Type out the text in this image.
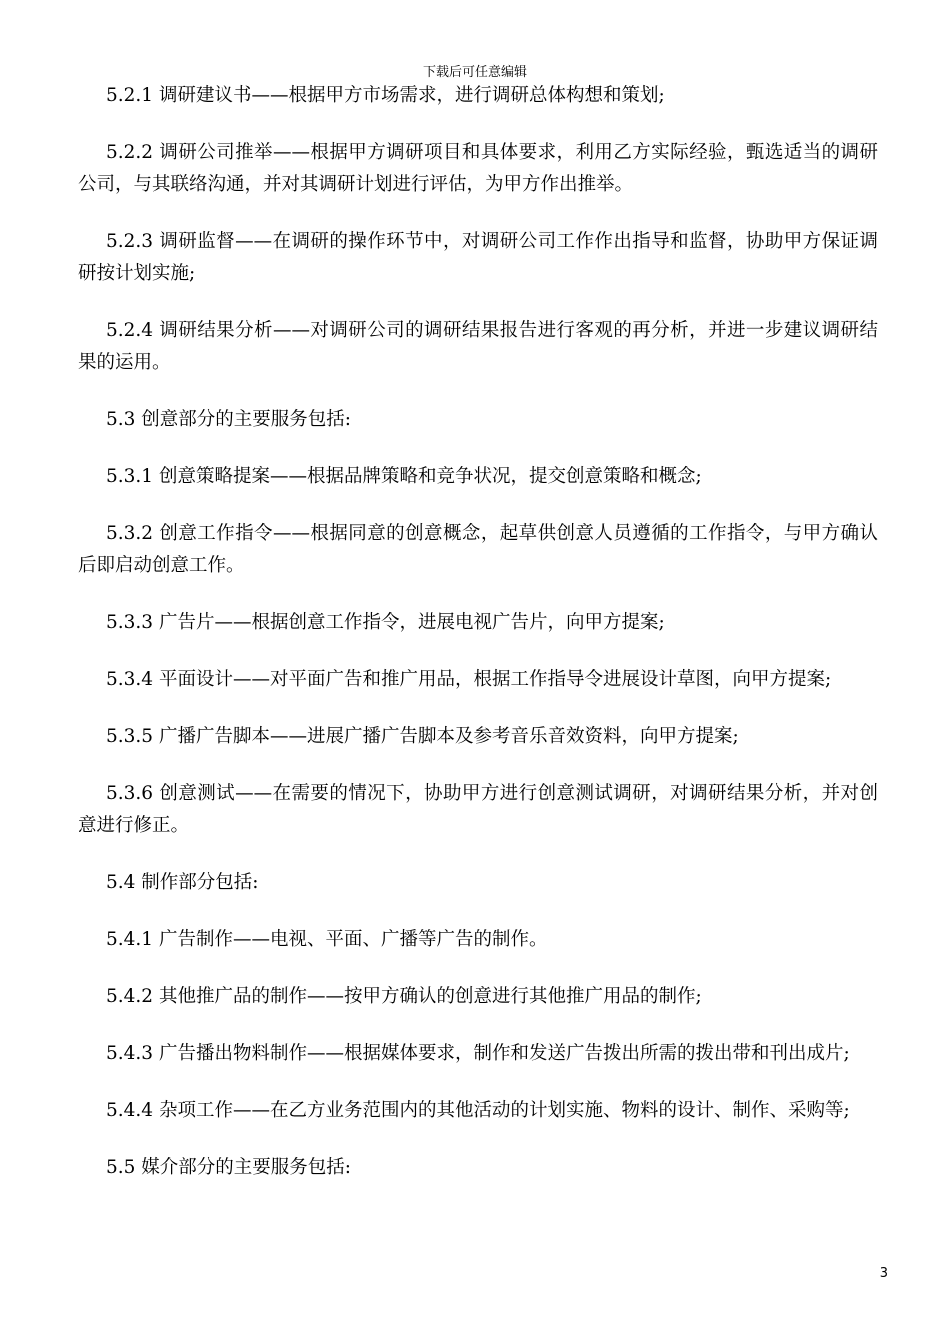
下载后可任意编辑

5.2.1 调研建议书——根据甲方市场需求，进行调研总体构想和策划;

5.2.2 调研公司推举——根据甲方调研项目和具体要求，利用乙方实际经验，甄选适当的调研公司，与其联络沟通，并对其调研计划进行评估，为甲方作出推举。

5.2.3 调研监督——在调研的操作环节中，对调研公司工作作出指导和监督，协助甲方保证调研按计划实施;

5.2.4 调研结果分析——对调研公司的调研结果报告进行客观的再分析，并进一步建议调研结果的运用。

5.3 创意部分的主要服务包括:

5.3.1 创意策略提案——根据品牌策略和竞争状况，提交创意策略和概念;

5.3.2 创意工作指令——根据同意的创意概念，起草供创意人员遵循的工作指令，与甲方确认后即启动创意工作。

5.3.3 广告片——根据创意工作指令，进展电视广告片，向甲方提案;

5.3.4 平面设计——对平面广告和推广用品，根据工作指导令进展设计草图，向甲方提案;

5.3.5 广播广告脚本——进展广播广告脚本及参考音乐音效资料，向甲方提案;

5.3.6 创意测试——在需要的情况下，协助甲方进行创意测试调研，对调研结果分析，并对创意进行修正。

5.4 制作部分包括:

5.4.1 广告制作——电视、平面、广播等广告的制作。

5.4.2 其他推广品的制作——按甲方确认的创意进行其他推广用品的制作;

5.4.3 广告播出物料制作——根据媒体要求，制作和发送广告拨出所需的拨出带和刊出成片;

5.4.4 杂项工作——在乙方业务范围内的其他活动的计划实施、物料的设计、制作、采购等;

5.5 媒介部分的主要服务包括:

3
